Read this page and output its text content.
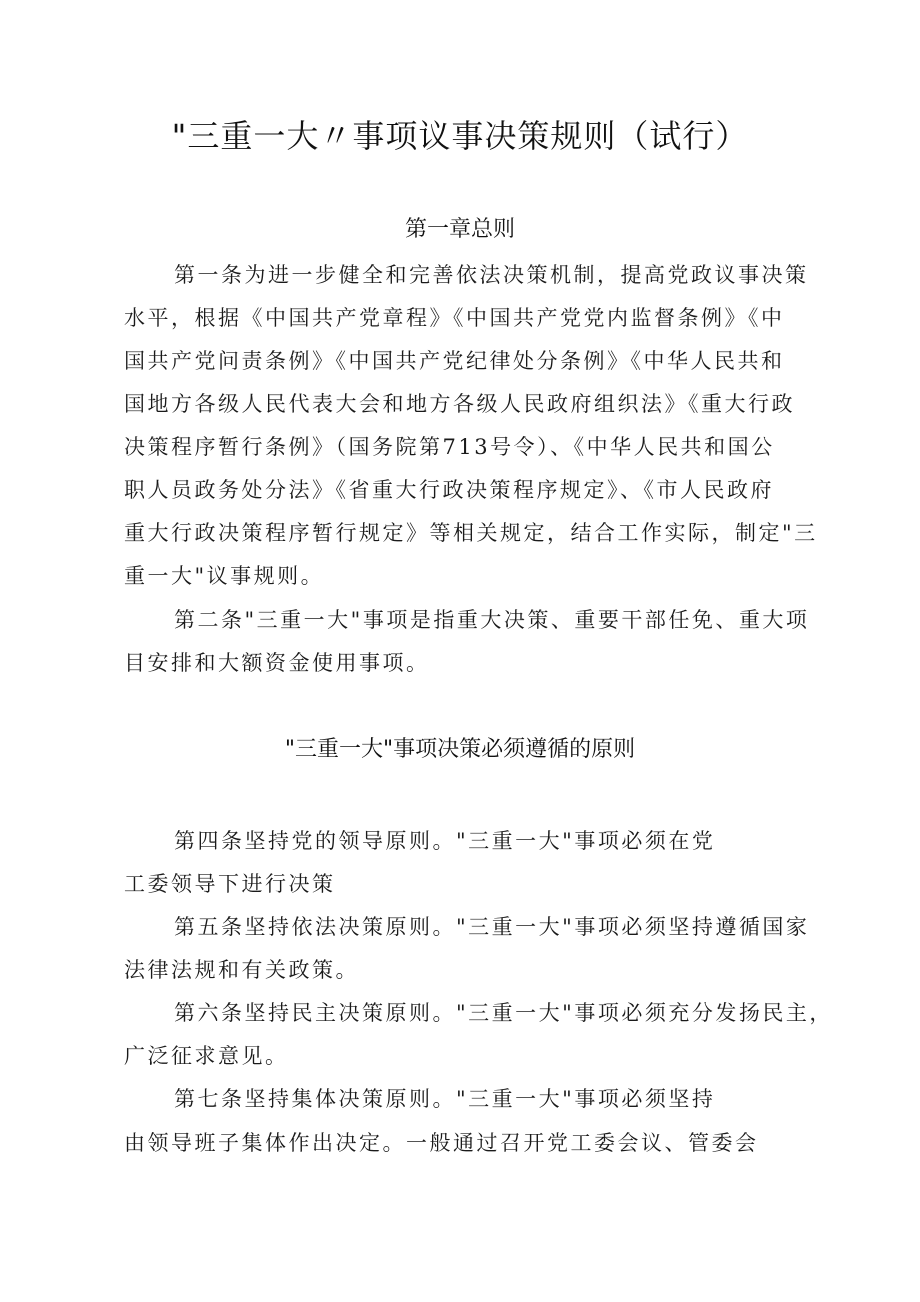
"三重一大〃事项议事决策规则（试行）
第一章总则
第一条为进一步健全和完善依法决策机制，提高党政议事决策
水平，根据《中国共产党章程》《中国共产党党内监督条例》《中
国共产党问责条例》《中国共产党纪律处分条例》《中华人民共和
国地方各级人民代表大会和地方各级人民政府组织法》《重大行政
决策程序暂行条例》（国务院第713号令）、《中华人民共和国公
职人员政务处分法》《省重大行政决策程序规定》、《市人民政府
重大行政决策程序暂行规定》等相关规定，结合工作实际，制定"三
重一大"议事规则。
第二条"三重一大"事项是指重大决策、重要干部任免、重大项
目安排和大额资金使用事项。
"三重一大"事项决策必须遵循的原则
第四条坚持党的领导原则。"三重一大"事项必须在党
工委领导下进行决策
第五条坚持依法决策原则。"三重一大"事项必须坚持遵循国家
法律法规和有关政策。
第六条坚持民主决策原则。"三重一大"事项必须充分发扬民主，
广泛征求意见。
第七条坚持集体决策原则。"三重一大"事项必须坚持
由领导班子集体作出决定。一般通过召开党工委会议、管委会
